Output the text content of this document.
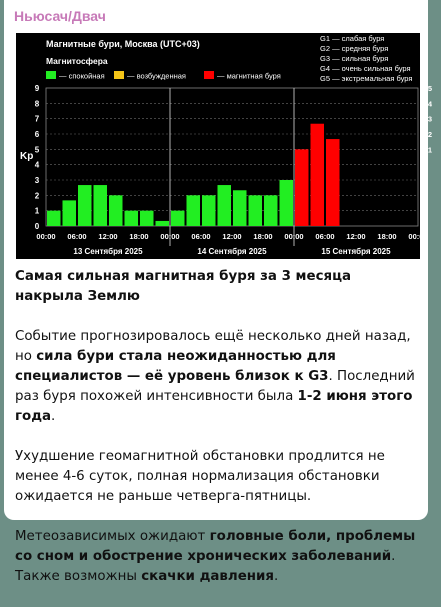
Ньюсач/Двач
Магнитные бури, Москва (UTC+03)
Магнитосфера
— спокойная	— возбужденная	— магнитная буря
G1 — слабая буря
G2 — средняя буря
G3 — сильная буря
G4 — очень сильная буря
G5 — экстремальная буря
0
1
2
3
4
5
6
7
8
9
G1
G2
G3
G4
G5
00:00 06:00 12:00 18:00 00:00 06:00 12:00 18:00 00:00 06:00 12:00 18:00 00:00
13 Сентября 2025	14 Сентября 2025	15 Сентября 2025
Kp

Самая сильная магнитная буря за 3 месяца накрыла Землю

Событие прогнозировалось ещё несколько дней назад, но сила бури стала неожиданностью для специалистов — её уровень близок к G3. Последний раз буря похожей интенсивности была 1-2 июня этого года.

Ухудшение геомагнитной обстановки продлится не менее 4-6 суток, полная нормализация обстановки ожидается не раньше четверга-пятницы.

Метеозависимых ожидают головные боли, проблемы со сном и обострение хронических заболеваний. Также возможны скачки давления.
